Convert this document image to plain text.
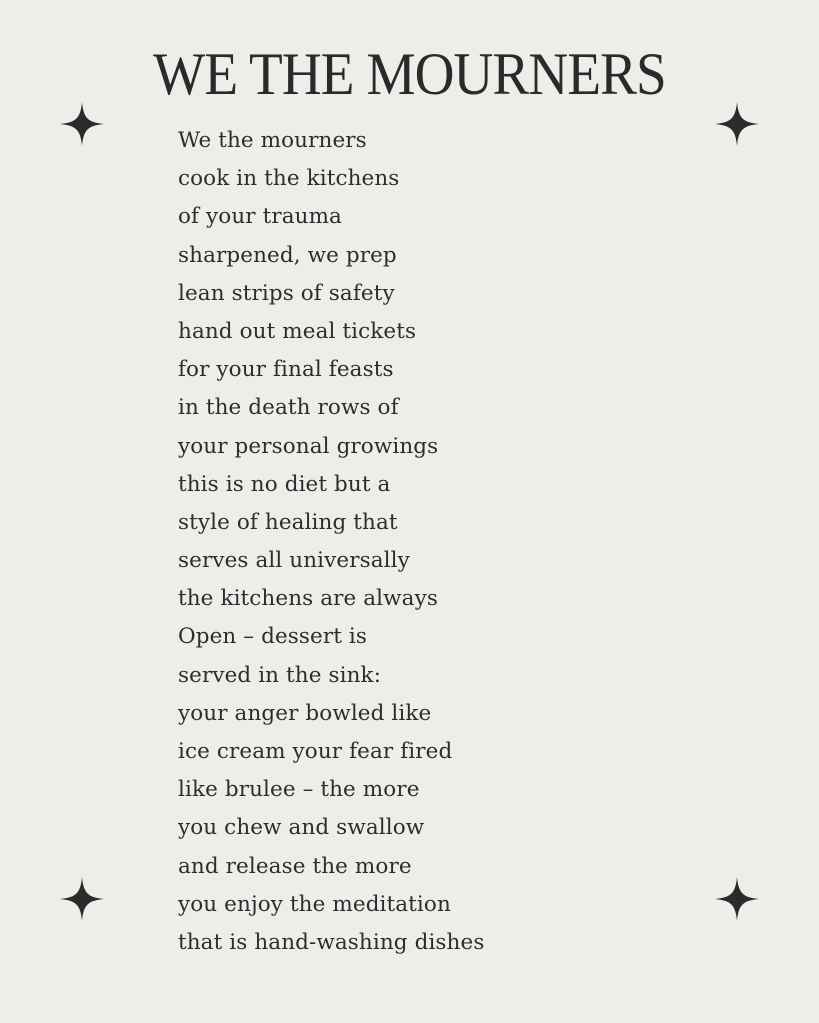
WE THE MOURNERS
We the mourners
cook in the kitchens
of your trauma
sharpened, we prep
lean strips of safety
hand out meal tickets
for your final feasts
in the death rows of
your personal growings
this is no diet but a
style of healing that
serves all universally
the kitchens are always
Open – dessert is
served in the sink:
your anger bowled like
ice cream your fear fired
like brulee – the more
you chew and swallow
and release the more
you enjoy the meditation
that is hand-washing dishes
